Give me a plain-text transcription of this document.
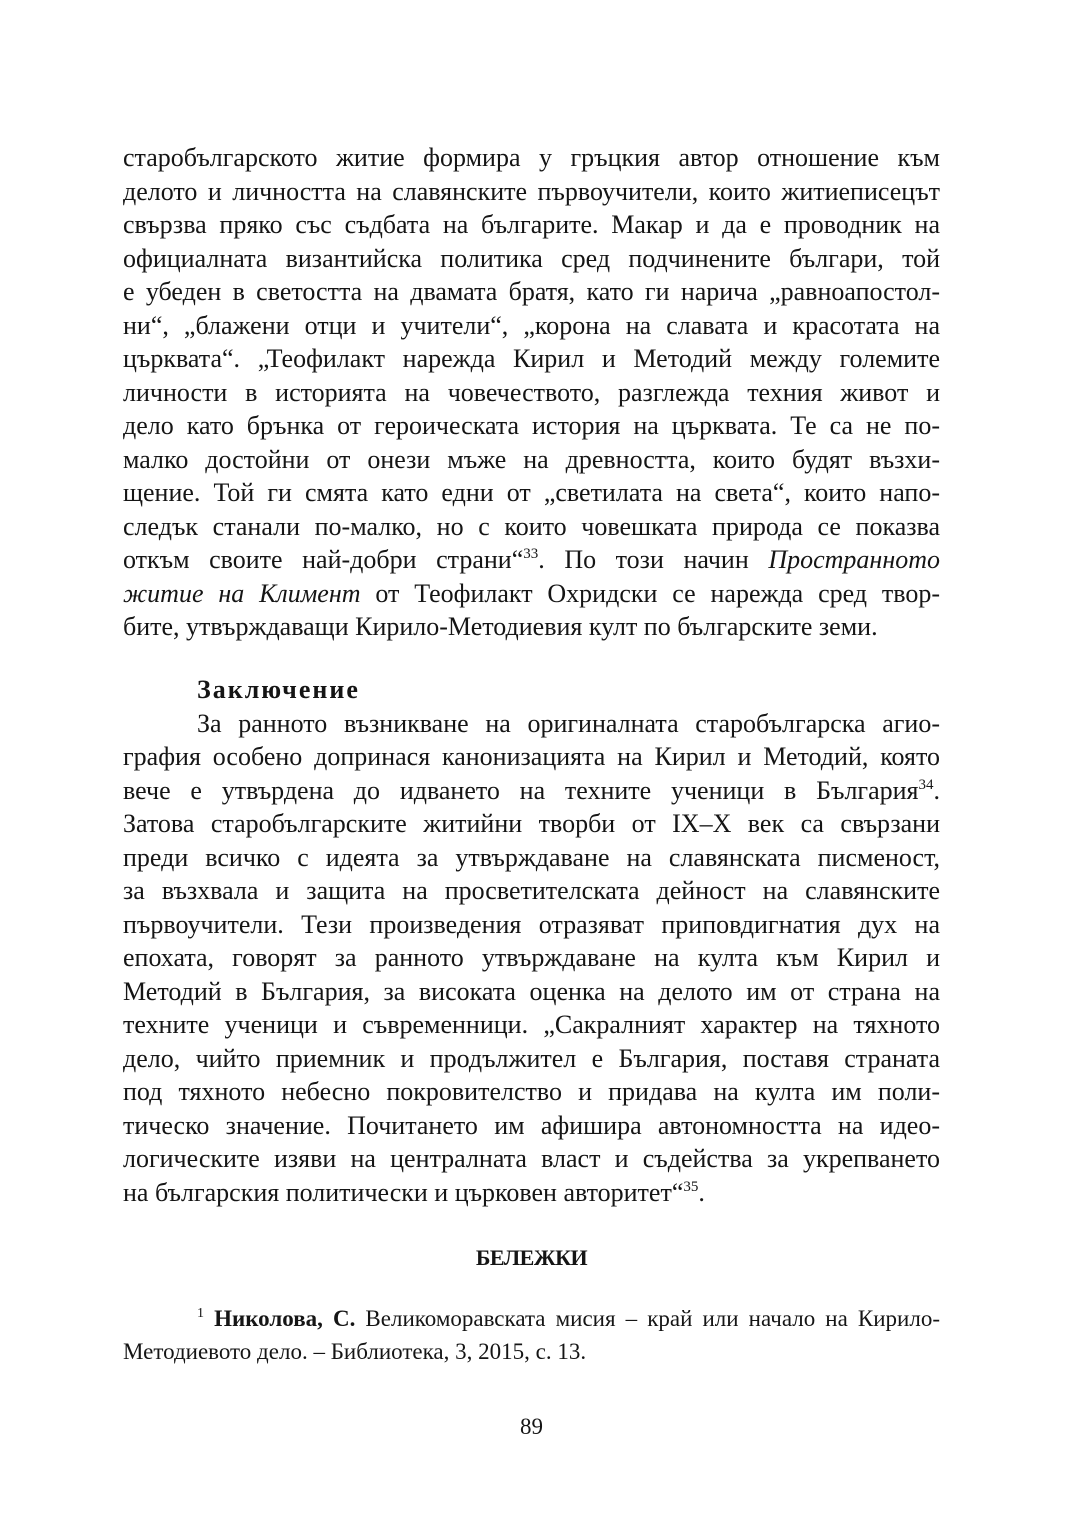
старобългарското житие формира у гръцкия автор отношение към
делото и личността на славянските първоучители, които житиеписецът
свързва пряко със съдбата на българите. Макар и да е проводник на
официалната византийска политика сред подчинените българи, той
е убеден в светостта на двамата братя, като ги нарича „равноапостол-
ни“, „блажени отци и учители“, „корона на славата и красотата на
църквата“. „Теофилакт нарежда Кирил и Методий между големите
личности в историята на човечеството, разглежда техния живот и
дело като брънка от героическата история на църквата. Те са не по-
малко достойни от онези мъже на древността, които будят възхи-
щение. Той ги смята като едни от „светилата на света“, които напо-
следък станали по-малко, но с които човешката природа се показва
откъм своите най-добри страни“$^{33}$. По този начин Пространното
житие на Климент от Теофилакт Охридски се нарежда сред твор-
бите, утвърждаващи Кирило-Методиевия култ по българските земи.
Заключение
За ранното възникване на оригиналната старобългарска агио-
графия особено допринася канонизацията на Кирил и Методий, която
вече е утвърдена до идването на техните ученици в България$^{34}$.
Затова старобългарските житийни творби от IX–X век са свързани
преди всичко с идеята за утвърждаване на славянската писменост,
за възхвала и защита на просветителската дейност на славянските
първоучители. Тези произведения отразяват приповдигнатия дух на
епохата, говорят за ранното утвърждаване на култа към Кирил и
Методий в България, за високата оценка на делото им от страна на
техните ученици и съвременници. „Сакралният характер на тяхното
дело, чийто приемник и продължител е България, поставя страната
под тяхното небесно покровителство и придава на култа им поли-
тическо значение. Почитането им афишира автономността на идео-
логическите изяви на централната власт и съдейства за укрепването
на българския политически и църковен авторитет“$^{35}$.
БЕЛЕЖКИ
$^1$ Николова, С. Великоморавската мисия – край или начало на Кирило-
Методиевото дело. – Библиотека, 3, 2015, с. 13.
89
